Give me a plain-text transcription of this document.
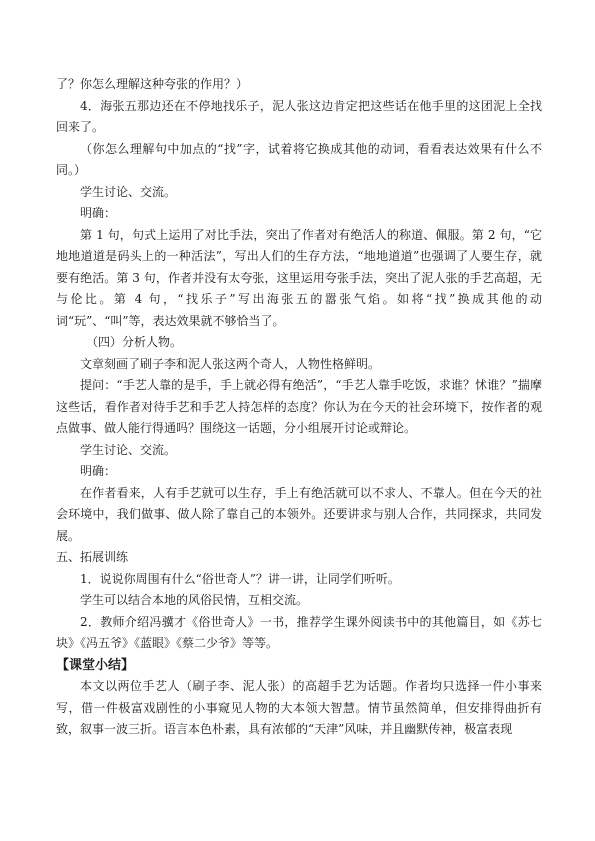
了？你怎么理解这种夸张的作用？）

4．海张五那边还在不停地找乐子，泥人张这边肯定把这些话在他手里的这团泥上全找回来了。

（你怎么理解句中加点的“找”字，试着将它换成其他的动词，看看表达效果有什么不同。）

学生讨论、交流。

明确：

第 1 句，句式上运用了对比手法，突出了作者对有绝活人的称道、佩服。第 2 句，“它地地道道是码头上的一种活法”，写出人们的生存方法，“地地道道”也强调了人要生存，就要有绝活。第 3 句，作者并没有太夸张，这里运用夸张手法，突出了泥人张的手艺高超，无与伦比。第 4 句，“找乐子”写出海张五的嚣张气焰。如将“找”换成其他的动词“玩”、“叫”等，表达效果就不够恰当了。

（四）分析人物。

文章刻画了刷子李和泥人张这两个奇人，人物性格鲜明。

提问：“手艺人靠的是手，手上就必得有绝活”，“手艺人靠手吃饭，求谁？怵谁？”揣摩这些话，看作者对待手艺和手艺人持怎样的态度？你认为在今天的社会环境下，按作者的观点做事、做人能行得通吗？围绕这一话题，分小组展开讨论或辩论。

学生讨论、交流。

明确：

在作者看来，人有手艺就可以生存，手上有绝活就可以不求人、不靠人。但在今天的社会环境中，我们做事、做人除了靠自己的本领外。还要讲求与别人合作，共同探求，共同发展。

五、拓展训练

1．说说你周围有什么“俗世奇人”？讲一讲，让同学们听听。

学生可以结合本地的风俗民情，互相交流。

2．教师介绍冯骥才《俗世奇人》一书，推荐学生课外阅读书中的其他篇目，如《苏七块》《冯五爷》《蓝眼》《蔡二少爷》等等。

【课堂小结】

本文以两位手艺人（刷子李、泥人张）的高超手艺为话题。作者均只选择一件小事来写，借一件极富戏剧性的小事窥见人物的大本领大智慧。情节虽然简单，但安排得曲折有致，叙事一波三折。语言本色朴素，具有浓郁的“天津”风味，并且幽默传神，极富表现
